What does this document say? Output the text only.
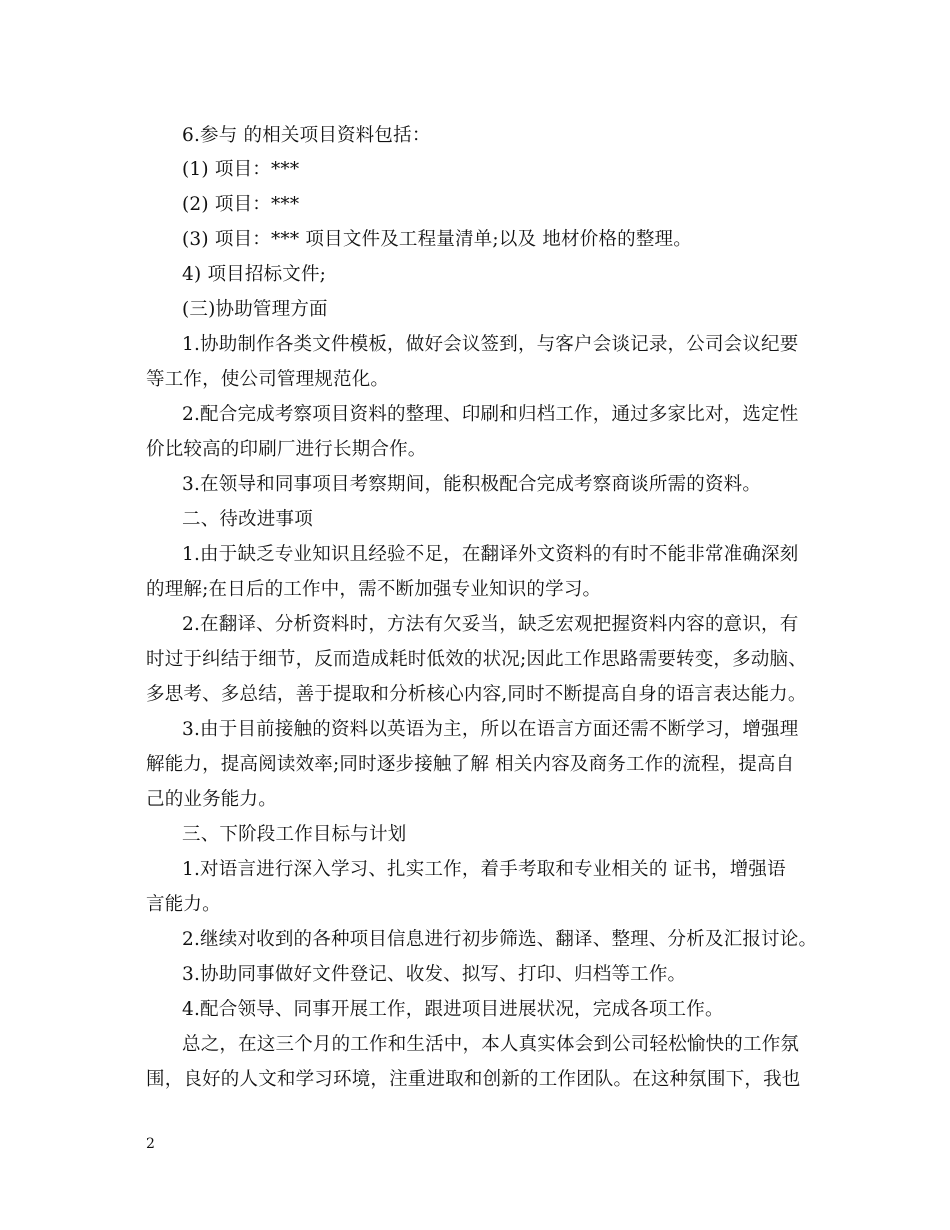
6.参与 的相关项目资料包括：
(1) 项目：***
(2) 项目：***
(3) 项目：*** 项目文件及工程量清单;以及 地材价格的整理。
4) 项目招标文件;
(三)协助管理方面
1.协助制作各类文件模板，做好会议签到，与客户会谈记录，公司会议纪要
等工作，使公司管理规范化。
2.配合完成考察项目资料的整理、印刷和归档工作，通过多家比对，选定性
价比较高的印刷厂进行长期合作。
3.在领导和同事项目考察期间，能积极配合完成考察商谈所需的资料。
二、待改进事项
1.由于缺乏专业知识且经验不足，在翻译外文资料的有时不能非常准确深刻
的理解;在日后的工作中，需不断加强专业知识的学习。
2.在翻译、分析资料时，方法有欠妥当，缺乏宏观把握资料内容的意识，有
时过于纠结于细节，反而造成耗时低效的状况;因此工作思路需要转变，多动脑、
多思考、多总结，善于提取和分析核心内容,同时不断提高自身的语言表达能力。
3.由于目前接触的资料以英语为主，所以在语言方面还需不断学习，增强理
解能力，提高阅读效率;同时逐步接触了解 相关内容及商务工作的流程，提高自
己的业务能力。
三、下阶段工作目标与计划
1.对语言进行深入学习、扎实工作，着手考取和专业相关的 证书，增强语
言能力。
2.继续对收到的各种项目信息进行初步筛选、翻译、整理、分析及汇报讨论。
3.协助同事做好文件登记、收发、拟写、打印、归档等工作。
4.配合领导、同事开展工作，跟进项目进展状况，完成各项工作。
总之，在这三个月的工作和生活中，本人真实体会到公司轻松愉快的工作氛
围，良好的人文和学习环境，注重进取和创新的工作团队。在这种氛围下，我也
2
